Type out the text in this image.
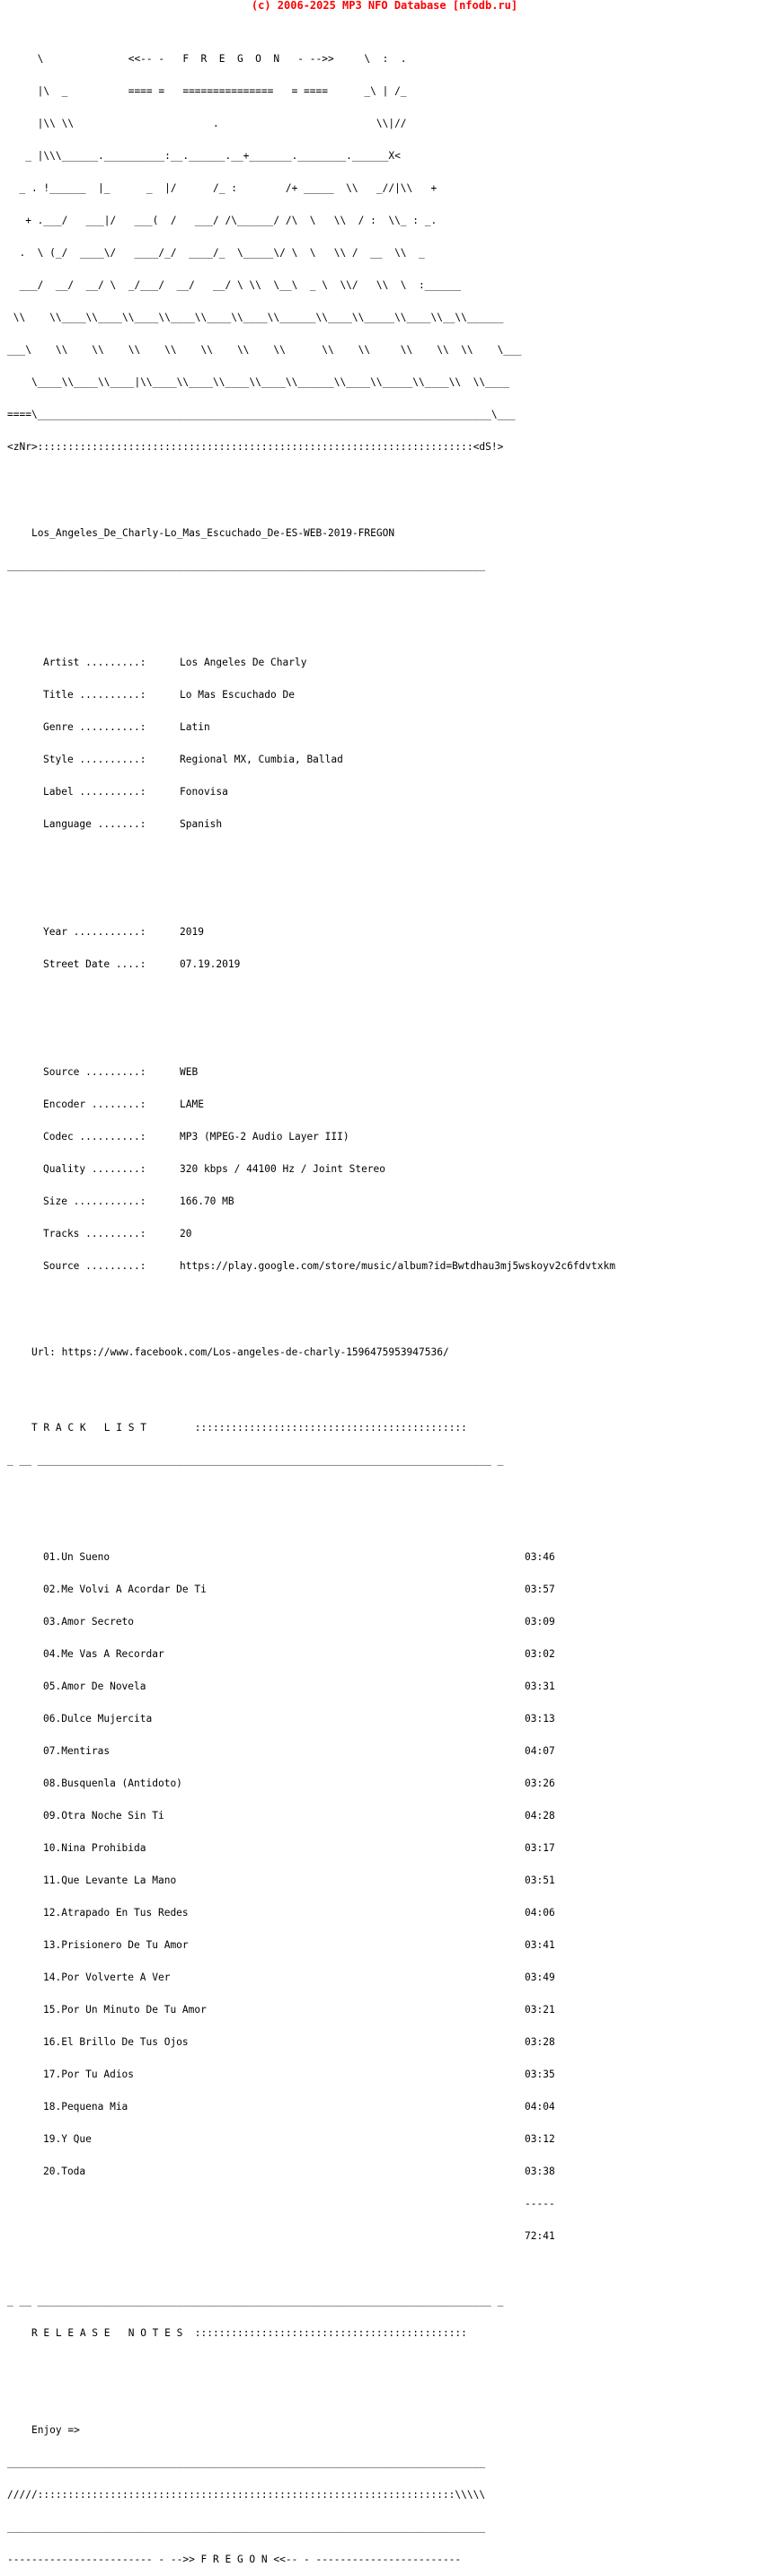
(c) 2006-2025 MP3 NFO Database [nfodb.ru]

\              <<-- -   F  R  E  G  O  N   - -->>     \  :  .

|\  _          ==== =   ===============   = ====      _\ | /_

|\\ \\                       .                          \\|//

_ |\\\______.__________:__.______.__+_______.________.______X<

_ . !______  |_      _  |/      /_ :        /+ _____  \\   _//|\\   +

+ .___/   ___|/   ___(  /   ___/ /\______/ /\  \   \\  / :  \\_ : _.

.  \ (_/  ____\/   ____/_/  ____/_  \_____\/ \  \   \\ /  __  \\  _

___/  __/  __/ \  _/___/  __/   __/ \ \\  \__\  _ \  \\/   \\  \  :______

\\    \\____\\____\\____\\____\\____\\____\\______\\____\\_____\\____\\__\\______

___\    \\    \\    \\    \\    \\    \\    \\      \\    \\     \\    \\  \\    \___

\____\\____\\____|\\____\\____\\____\\____\\______\\____\\_____\\____\\  \\____

====\___________________________________________________________________________\___

<zNr>::::::::::::::::::::::::::::::::::::::::::::::::::::::::::::::::::::::::<dS!>

Los_Angeles_De_Charly-Lo_Mas_Escuchado_De-ES-WEB-2019-FREGON

_______________________________________________________________________________

Artist .........:	Los Angeles De Charly

Title ..........:	Lo Mas Escuchado De

Genre ..........:	Latin

Style ..........:	Regional MX, Cumbia, Ballad

Label ..........:	Fonovisa

Language .......:	Spanish

Year ...........:	2019

Street Date ....:	07.19.2019

Source .........:	WEB

Encoder ........:	LAME

Codec ..........:	MP3 (MPEG-2 Audio Layer III)

Quality ........:	320 kbps / 44100 Hz / Joint Stereo

Size ...........:	166.70 MB

Tracks .........:	20

Source .........:	https://play.google.com/store/music/album?id=Bwtdhau3mj5wskoyv2c6fdvtxkm

Url: https://www.facebook.com/Los-angeles-de-charly-1596475953947536/

T R A C K   L I S T        :::::::::::::::::::::::::::::::::::::::::::::

_ __ ___________________________________________________________________________ _

01.Un Sueno	03:46

02.Me Volvi A Acordar De Ti	03:57

03.Amor Secreto	03:09

04.Me Vas A Recordar	03:02

05.Amor De Novela	03:31

06.Dulce Mujercita	03:13

07.Mentiras	04:07

08.Busquenla (Antidoto)	03:26

09.Otra Noche Sin Ti	04:28

10.Nina Prohibida	03:17

11.Que Levante La Mano	03:51

12.Atrapado En Tus Redes	04:06

13.Prisionero De Tu Amor	03:41

14.Por Volverte A Ver	03:49

15.Por Un Minuto De Tu Amor	03:21

16.El Brillo De Tus Ojos	03:28

17.Por Tu Adios	03:35

18.Pequena Mia	04:04

19.Y Que	03:12

20.Toda	03:38

-----

72:41

_ __ ___________________________________________________________________________ _

R E L E A S E   N O T E S  :::::::::::::::::::::::::::::::::::::::::::::

Enjoy =>

_______________________________________________________________________________

/////:::::::::::::::::::::::::::::::::::::::::::::::::::::::::::::::::::::\\\\\

_______________________________________________________________________________

------------------------ - -->> F R E G O N <<-- - ------------------------
